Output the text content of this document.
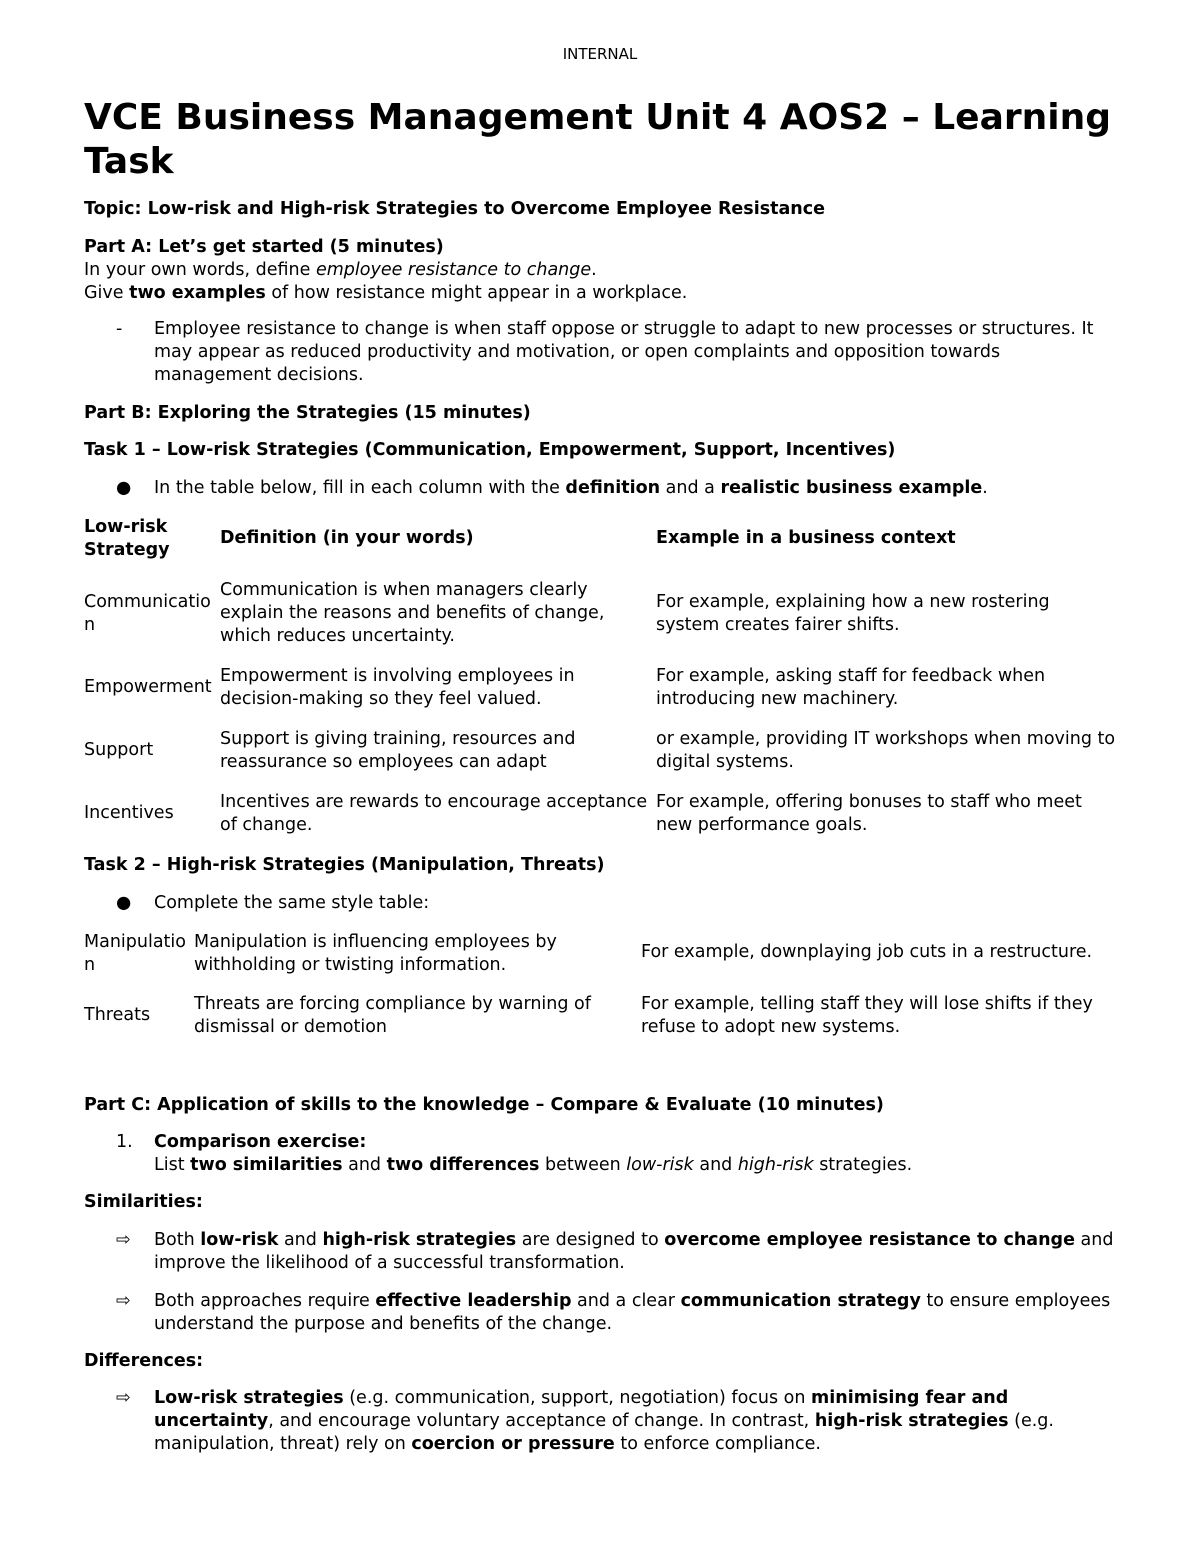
INTERNAL
VCE Business Management Unit 4 AOS2 – Learning Task
Topic: Low-risk and High-risk Strategies to Overcome Employee Resistance
Part A: Let’s get started (5 minutes)
In your own words, define employee resistance to change.
Give two examples of how resistance might appear in a workplace.
- Employee resistance to change is when staff oppose or struggle to adapt to new processes or structures. It may appear as reduced productivity and motivation, or open complaints and opposition towards management decisions.
Part B: Exploring the Strategies (15 minutes)
Task 1 – Low-risk Strategies (Communication, Empowerment, Support, Incentives)
● In the table below, fill in each column with the definition and a realistic business example.
Low-risk Strategy
Definition (in your words)	Example in a business context
Communication
Communication is when managers clearly explain the reasons and benefits of change, which reduces uncertainty.
For example, explaining how a new rostering system creates fairer shifts.
Empowerment
Empowerment is involving employees in decision-making so they feel valued.
For example, asking staff for feedback when introducing new machinery.
Support
Support is giving training, resources and reassurance so employees can adapt
or example, providing IT workshops when moving to digital systems.
Incentives
Incentives are rewards to encourage acceptance of change.
For example, offering bonuses to staff who meet new performance goals.
Task 2 – High-risk Strategies (Manipulation, Threats)
● Complete the same style table:
Manipulation
Manipulation is influencing employees by withholding or twisting information.
For example, downplaying job cuts in a restructure.
Threats
Threats are forcing compliance by warning of dismissal or demotion
For example, telling staff they will lose shifts if they refuse to adopt new systems.
Part C: Application of skills to the knowledge – Compare & Evaluate (10 minutes)
1. Comparison exercise:
List two similarities and two differences between low-risk and high-risk strategies.
Similarities:
⇨ Both low-risk and high-risk strategies are designed to overcome employee resistance to change and improve the likelihood of a successful transformation.
⇨ Both approaches require effective leadership and a clear communication strategy to ensure employees understand the purpose and benefits of the change.
Differences:
⇨ Low-risk strategies (e.g. communication, support, negotiation) focus on minimising fear and uncertainty, and encourage voluntary acceptance of change. In contrast, high-risk strategies (e.g. manipulation, threat) rely on coercion or pressure to enforce compliance.
